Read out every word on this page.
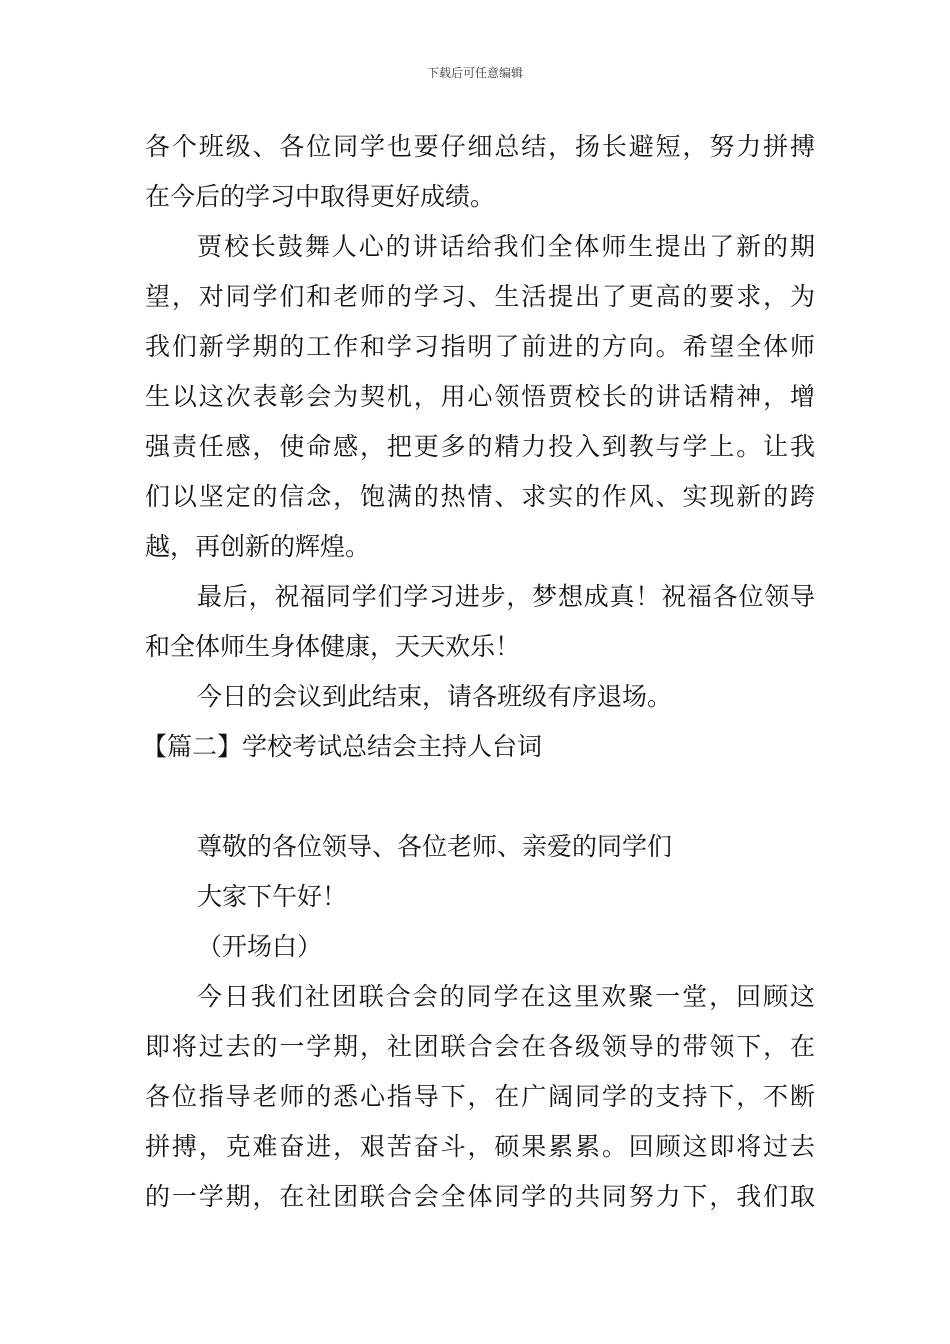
下载后可任意编辑
各个班级、各位同学也要仔细总结，扬长避短，努力拼搏
在今后的学习中取得更好成绩。
贾校长鼓舞人心的讲话给我们全体师生提出了新的期
望，对同学们和老师的学习、生活提出了更高的要求，为
我们新学期的工作和学习指明了前进的方向。希望全体师
生以这次表彰会为契机，用心领悟贾校长的讲话精神，增
强责任感，使命感，把更多的精力投入到教与学上。让我
们以坚定的信念，饱满的热情、求实的作风、实现新的跨
越，再创新的辉煌。
最后，祝福同学们学习进步，梦想成真！祝福各位领导
和全体师生身体健康，天天欢乐！
今日的会议到此结束，请各班级有序退场。
【篇二】学校考试总结会主持人台词
尊敬的各位领导、各位老师、亲爱的同学们
大家下午好！
（开场白）
今日我们社团联合会的同学在这里欢聚一堂，回顾这
即将过去的一学期，社团联合会在各级领导的带领下，在
各位指导老师的悉心指导下，在广阔同学的支持下，不断
拼搏，克难奋进，艰苦奋斗，硕果累累。回顾这即将过去
的一学期，在社团联合会全体同学的共同努力下，我们取
